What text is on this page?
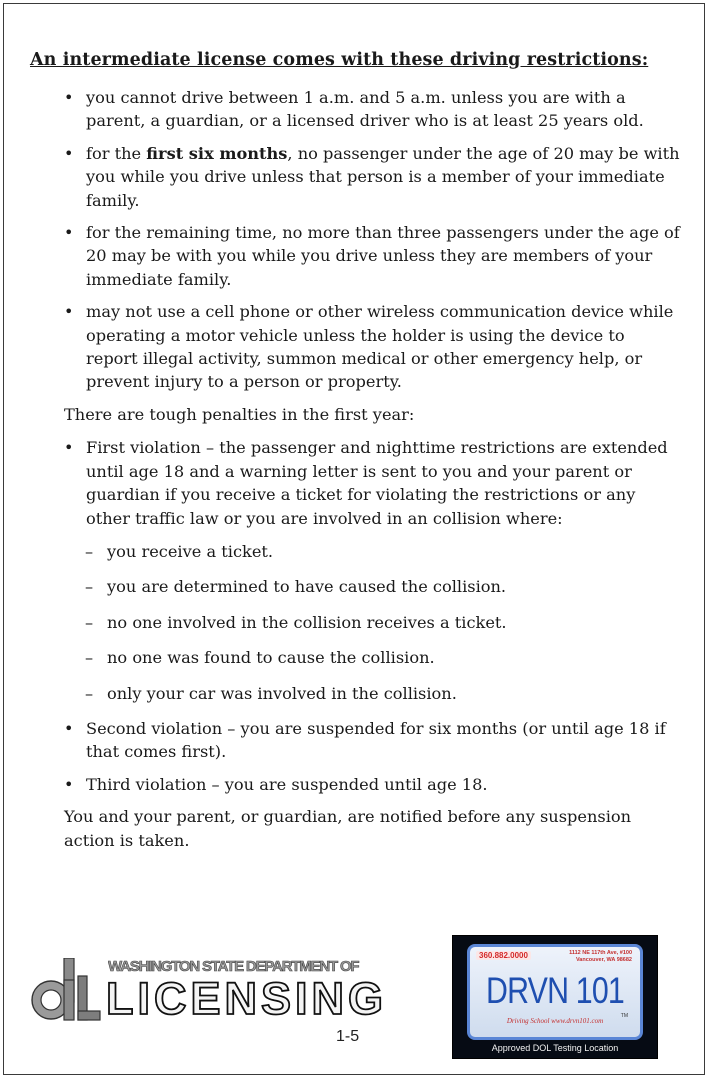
An intermediate license comes with these driving restrictions:
• you cannot drive between 1 a.m. and 5 a.m. unless you are with a parent, a guardian, or a licensed driver who is at least 25 years old.
• for the first six months, no passenger under the age of 20 may be with you while you drive unless that person is a member of your immediate family.
• for the remaining time, no more than three passengers under the age of 20 may be with you while you drive unless they are members of your immediate family.
• may not use a cell phone or other wireless communication device while operating a motor vehicle unless the holder is using the device to report illegal activity, summon medical or other emergency help, or prevent injury to a person or property.

There are tough penalties in the first year:

• First violation – the passenger and nighttime restrictions are extended until age 18 and a warning letter is sent to you and your parent or guardian if you receive a ticket for violating the restrictions or any other traffic law or you are involved in an collision where:
– you receive a ticket.
– you are determined to have caused the collision.
– no one involved in the collision receives a ticket.
– no one was found to cause the collision.
– only your car was involved in the collision.
• Second violation – you are suspended for six months (or until age 18 if that comes first).
• Third violation – you are suspended until age 18.

You and your parent, or guardian, are notified before any suspension action is taken.

WASHINGTON STATE DEPARTMENT OF
LICENSING
1-5
360.882.0000	1112 NE 117th Ave, #100 Vancouver, WA 98682
DRVN 101
TM
Driving School www.drvn101.com
Approved DOL Testing Location
